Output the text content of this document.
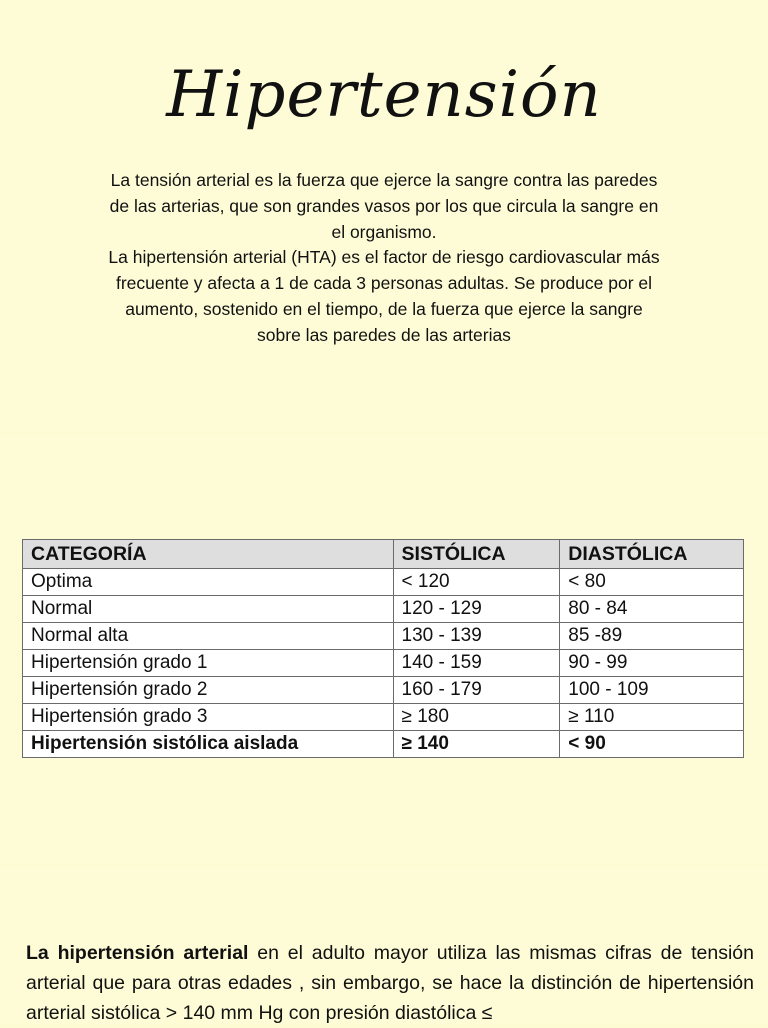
Hipertensión

La tensión arterial es la fuerza que ejerce la sangre contra las paredes de las arterias, que son grandes vasos por los que circula la sangre en el organismo.

La hipertensión arterial (HTA) es el factor de riesgo cardiovascular más frecuente y afecta a 1 de cada 3 personas adultas. Se produce por el aumento, sostenido en el tiempo, de la fuerza que ejerce la sangre sobre las paredes de las arterias

CATEGORÍA	SISTÓLICA	DIASTÓLICA
Optima	< 120	< 80
Normal	120 - 129	80 - 84
Normal alta	130 - 139	85 -89
Hipertensión grado 1	140 - 159	90 - 99
Hipertensión grado 2	160 - 179	100 - 109
Hipertensión grado 3	≥ 180	≥ 110
Hipertensión sistólica aislada	≥ 140	< 90

La hipertensión arterial en el adulto mayor utiliza las mismas cifras de tensión arterial que para otras edades , sin embargo, se hace la distinción de hipertensión arterial sistólica > 140 mm Hg con presión diastólica ≤
